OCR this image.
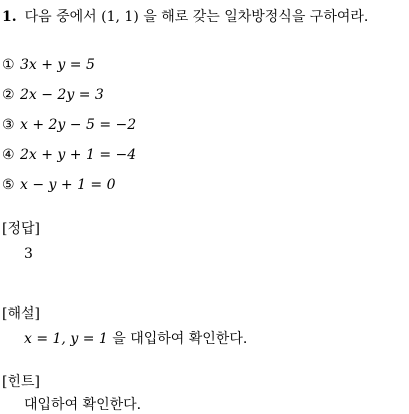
1. 다음 중에서 (1, 1) 을 해로 갖는 일차방정식을 구하여라.
① 3x + y = 5
② 2x − 2y = 3
③ x + 2y − 5 = −2
④ 2x + y + 1 = −4
⑤ x − y + 1 = 0
[정답]
3
[해설]
x = 1, y = 1 을 대입하여 확인한다.
[힌트]
대입하여 확인한다.
